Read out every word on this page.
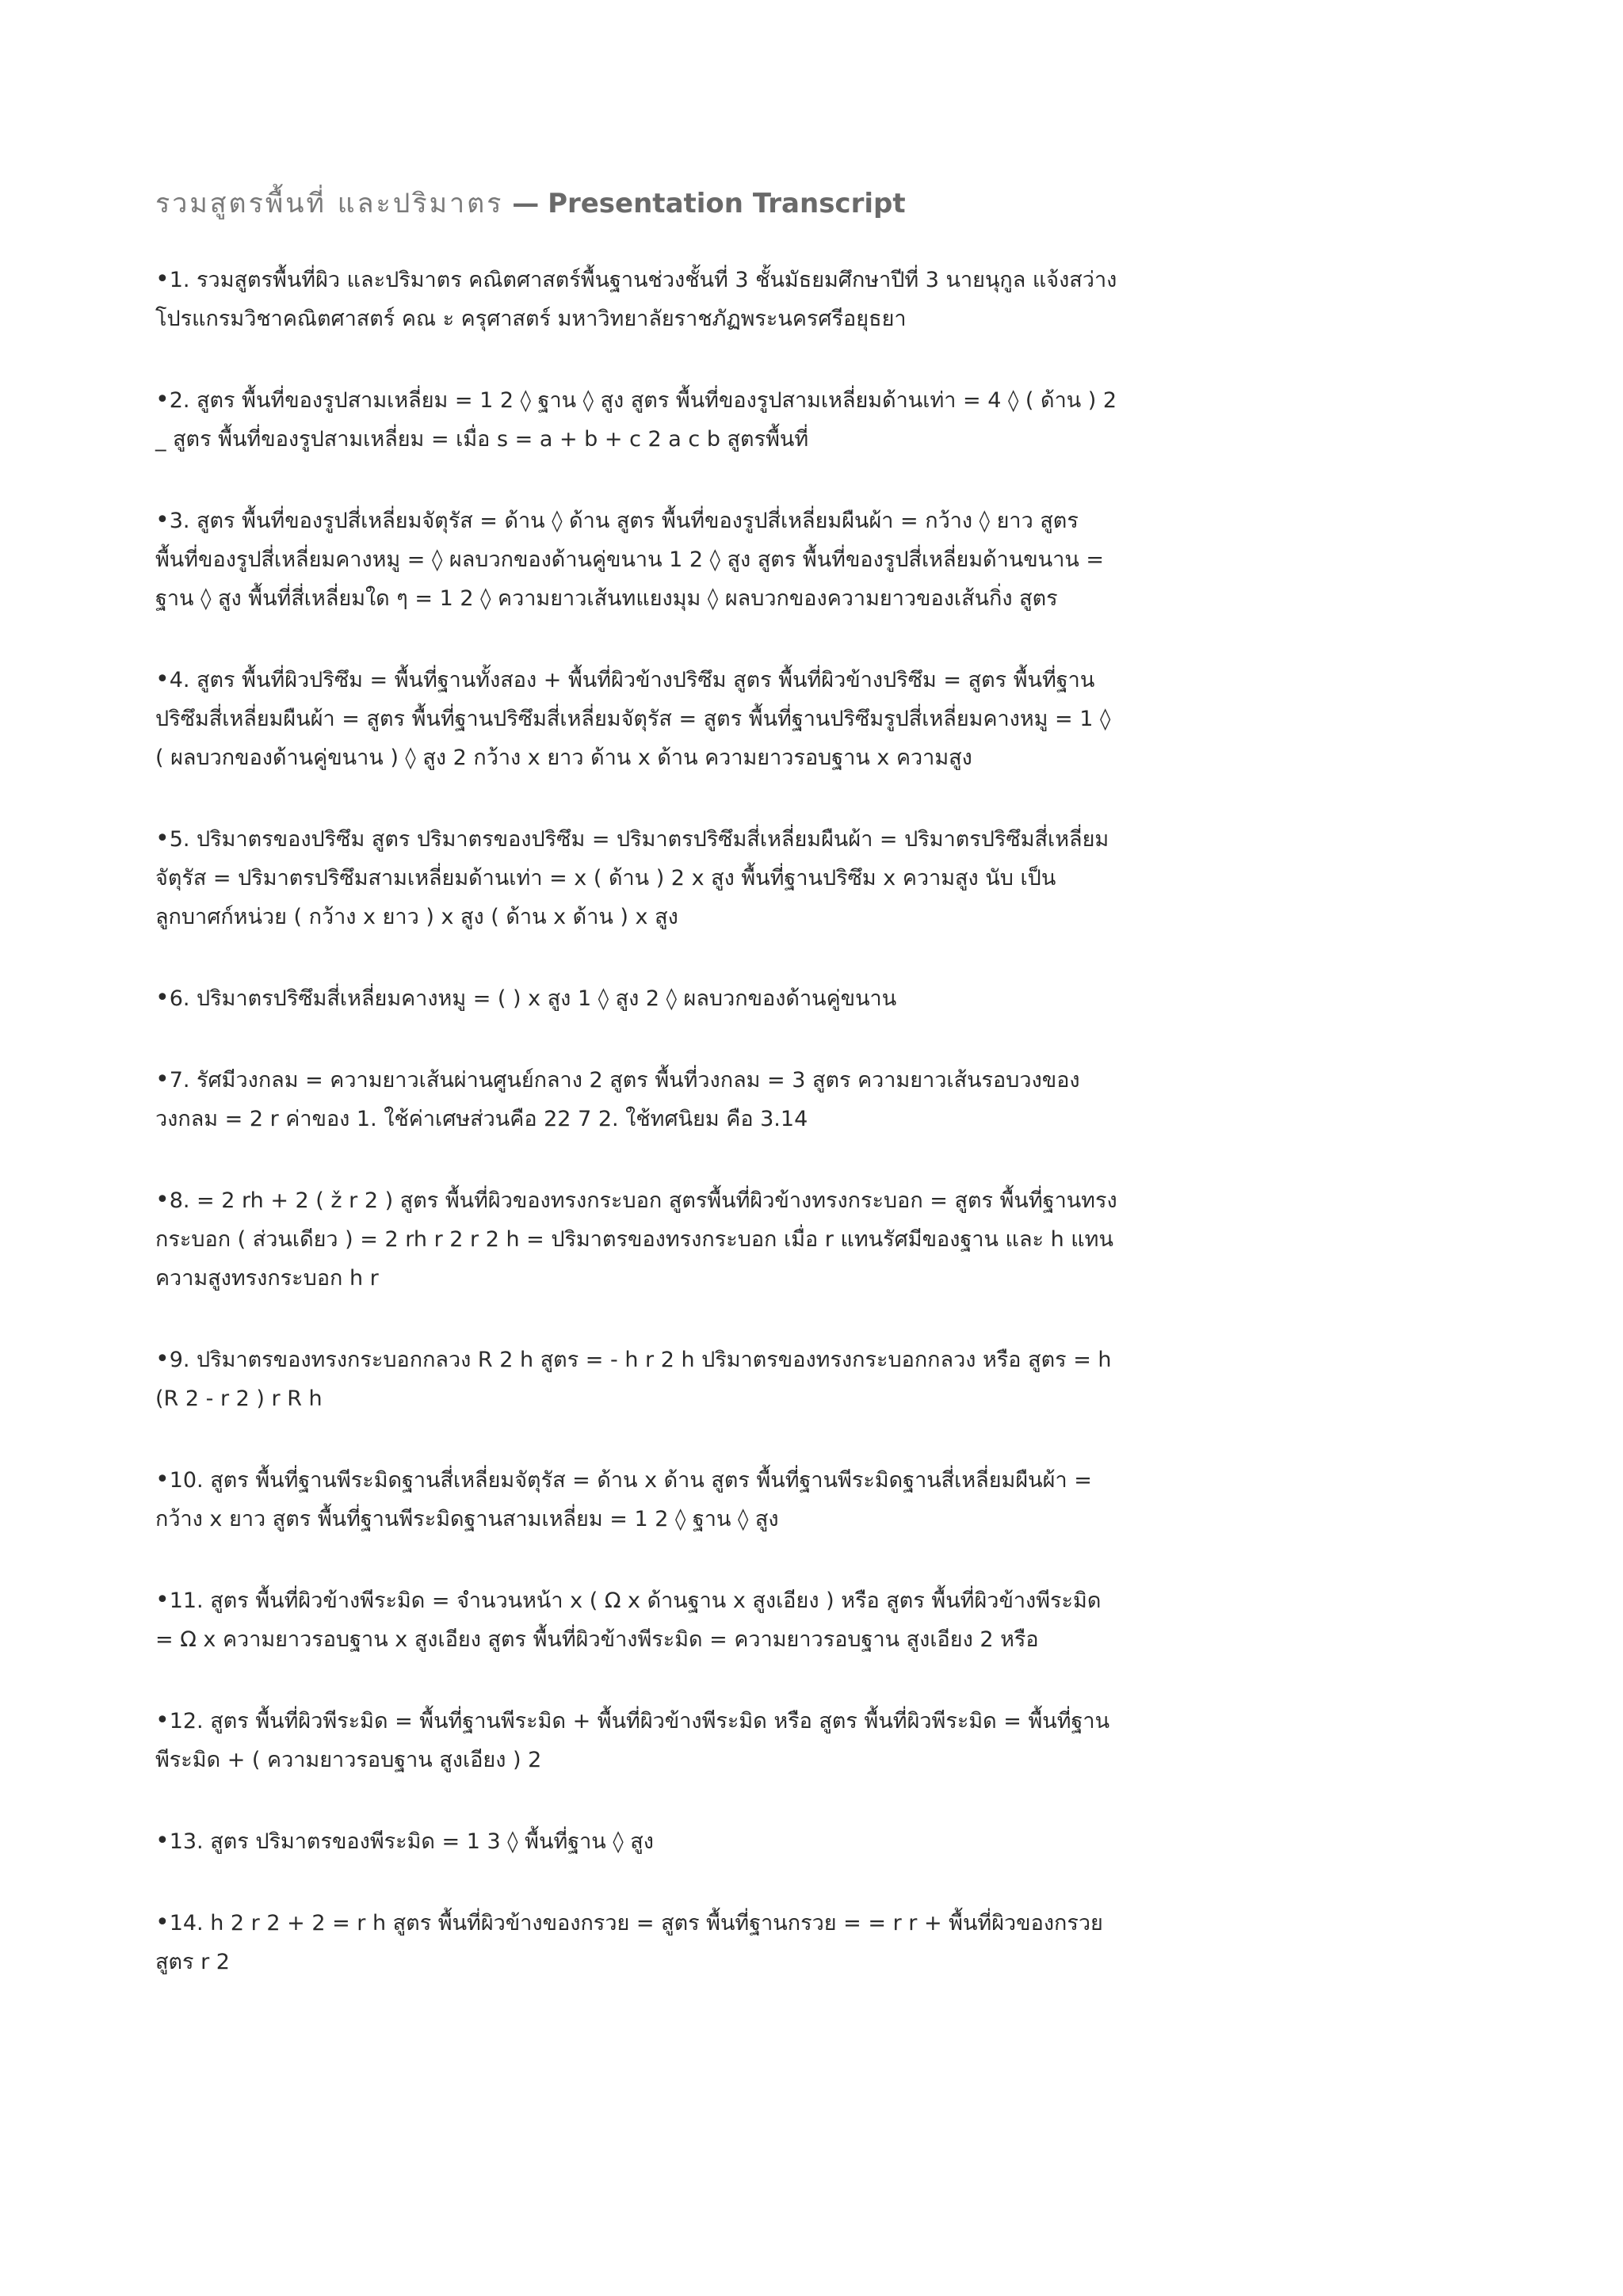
รวมสูตรพื้นที่ และปริมาตร — Presentation Transcript
•1. รวมสูตรพื้นที่ผิว และปริมาตร คณิตศาสตร์พื้นฐานช่วงชั้นที่ 3 ชั้นมัธยมศึกษาปีที่ 3 นายนุกูล แจ้งสว่าง โปรแกรมวิชาคณิตศาสตร์ คณ ะ ครุศาสตร์ มหาวิทยาลัยราชภัฏพระนครศรีอยุธยา
•2. สูตร พื้นที่ของรูปสามเหลี่ยม = 1 2 ◊ ฐาน ◊ สูง สูตร พื้นที่ของรูปสามเหลี่ยมด้านเท่า = 4 ◊ ( ด้าน ) 2 _ สูตร พื้นที่ของรูปสามเหลี่ยม = เมื่อ s = a + b + c 2 a c b สูตรพื้นที่
•3. สูตร พื้นที่ของรูปสี่เหลี่ยมจัตุรัส = ด้าน ◊ ด้าน สูตร พื้นที่ของรูปสี่เหลี่ยมผืนผ้า = กว้าง ◊ ยาว สูตร พื้นที่ของรูปสี่เหลี่ยมคางหมู = ◊ ผลบวกของด้านคู่ขนาน 1 2 ◊ สูง สูตร พื้นที่ของรูปสี่เหลี่ยมด้านขนาน = ฐาน ◊ สูง พื้นที่สี่เหลี่ยมใด ๆ = 1 2 ◊ ความยาวเส้นทแยงมุม ◊ ผลบวกของความยาวของเส้นกิ่ง สูตร
•4. สูตร พื้นที่ผิวปริซึม = พื้นที่ฐานทั้งสอง + พื้นที่ผิวข้างปริซึม สูตร พื้นที่ผิวข้างปริซึม = สูตร พื้นที่ฐานปริซึมสี่เหลี่ยมผืนผ้า = สูตร พื้นที่ฐานปริซึมสี่เหลี่ยมจัตุรัส = สูตร พื้นที่ฐานปริซึมรูปสี่เหลี่ยมคางหมู = 1 ◊ ( ผลบวกของด้านคู่ขนาน ) ◊ สูง 2 กว้าง x ยาว ด้าน x ด้าน ความยาวรอบฐาน x ความสูง
•5. ปริมาตรของปริซึม สูตร ปริมาตรของปริซึม = ปริมาตรปริซึมสี่เหลี่ยมผืนผ้า = ปริมาตรปริซึมสี่เหลี่ยมจัตุรัส = ปริมาตรปริซึมสามเหลี่ยมด้านเท่า = x ( ด้าน ) 2 x สูง พื้นที่ฐานปริซึม x ความสูง นับ เป็น ลูกบาศก์หน่วย ( กว้าง x ยาว ) x สูง ( ด้าน x ด้าน ) x สูง
•6. ปริมาตรปริซึมสี่เหลี่ยมคางหมู = ( ) x สูง 1 ◊ สูง 2 ◊ ผลบวกของด้านคู่ขนาน
•7. รัศมีวงกลม = ความยาวเส้นผ่านศูนย์กลาง 2 สูตร พื้นที่วงกลม = 3 สูตร ความยาวเส้นรอบวงของวงกลม = 2 r ค่าของ 1. ใช้ค่าเศษส่วนคือ 22 7 2. ใช้ทศนิยม คือ 3.14
•8. = 2 rh + 2 ( ž r 2 ) สูตร พื้นที่ผิวของทรงกระบอก สูตรพื้นที่ผิวข้างทรงกระบอก = สูตร พื้นที่ฐานทรงกระบอก ( ส่วนเดียว ) = 2 rh r 2 r 2 h = ปริมาตรของทรงกระบอก เมื่อ r แทนรัศมีของฐาน และ h แทนความสูงทรงกระบอก h r
•9. ปริมาตรของทรงกระบอกกลวง R 2 h สูตร = - h r 2 h ปริมาตรของทรงกระบอกกลวง หรือ สูตร = h (R 2 - r 2 ) r R h
•10. สูตร พื้นที่ฐานพีระมิดฐานสี่เหลี่ยมจัตุรัส = ด้าน x ด้าน สูตร พื้นที่ฐานพีระมิดฐานสี่เหลี่ยมผืนผ้า = กว้าง x ยาว สูตร พื้นที่ฐานพีระมิดฐานสามเหลี่ยม = 1 2 ◊ ฐาน ◊ สูง
•11. สูตร พื้นที่ผิวข้างพีระมิด = จำนวนหน้า x ( Ω x ด้านฐาน x สูงเอียง ) หรือ สูตร พื้นที่ผิวข้างพีระมิด = Ω x ความยาวรอบฐาน x สูงเอียง สูตร พื้นที่ผิวข้างพีระมิด = ความยาวรอบฐาน สูงเอียง 2 หรือ
•12. สูตร พื้นที่ผิวพีระมิด = พื้นที่ฐานพีระมิด + พื้นที่ผิวข้างพีระมิด หรือ สูตร พื้นที่ผิวพีระมิด = พื้นที่ฐานพีระมิด + ( ความยาวรอบฐาน สูงเอียง ) 2
•13. สูตร ปริมาตรของพีระมิด = 1 3 ◊ พื้นที่ฐาน ◊ สูง
•14. h 2 r 2 + 2 = r h สูตร พื้นที่ผิวข้างของกรวย = สูตร พื้นที่ฐานกรวย = = r r + พื้นที่ผิวของกรวย สูตร r 2
